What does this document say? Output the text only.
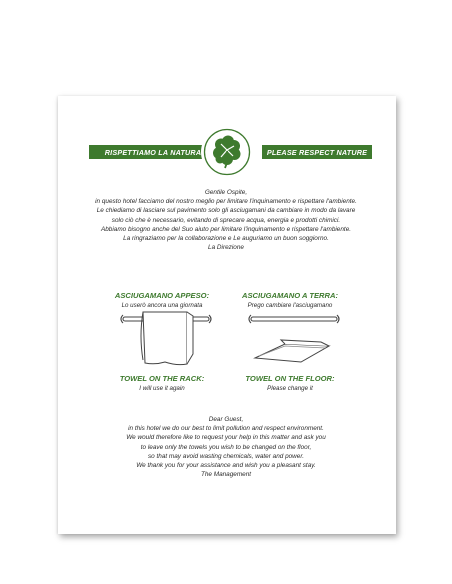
RISPETTIAMO LA NATURA	PLEASE RESPECT NATURE
Gentile Ospite,
in questo hotel facciamo del nostro meglio per limitare l'inquinamento e rispettare l'ambiente.
Le chiediamo di lasciare sul pavimento solo gli asciugamani da cambiare in modo da lavare
solo ciò che è necessario, evitando di sprecare acqua, energia e prodotti chimici.
Abbiamo bisogno anche del Suo aiuto per limitare l'inquinamento e rispettare l'ambiente.
La ringraziamo per la collaborazione e Le auguriamo un buon soggiorno.
La Direzione
ASCIUGAMANO APPESO:
Lo userò ancora una giornata
ASCIUGAMANO A TERRA:
Prego cambiare l'asciugamano
TOWEL ON THE RACK:
I will use it again
TOWEL ON THE FLOOR:
Please change it
Dear Guest,
in this hotel we do our best to limit pollution and respect environment.
We would therefore like to request your help in this matter and ask you
to leave only the towels you wish to be changed on the floor,
so that may avoid wasting chemicals, water and power.
We thank you for your assistance and wish you a pleasant stay.
The Management
